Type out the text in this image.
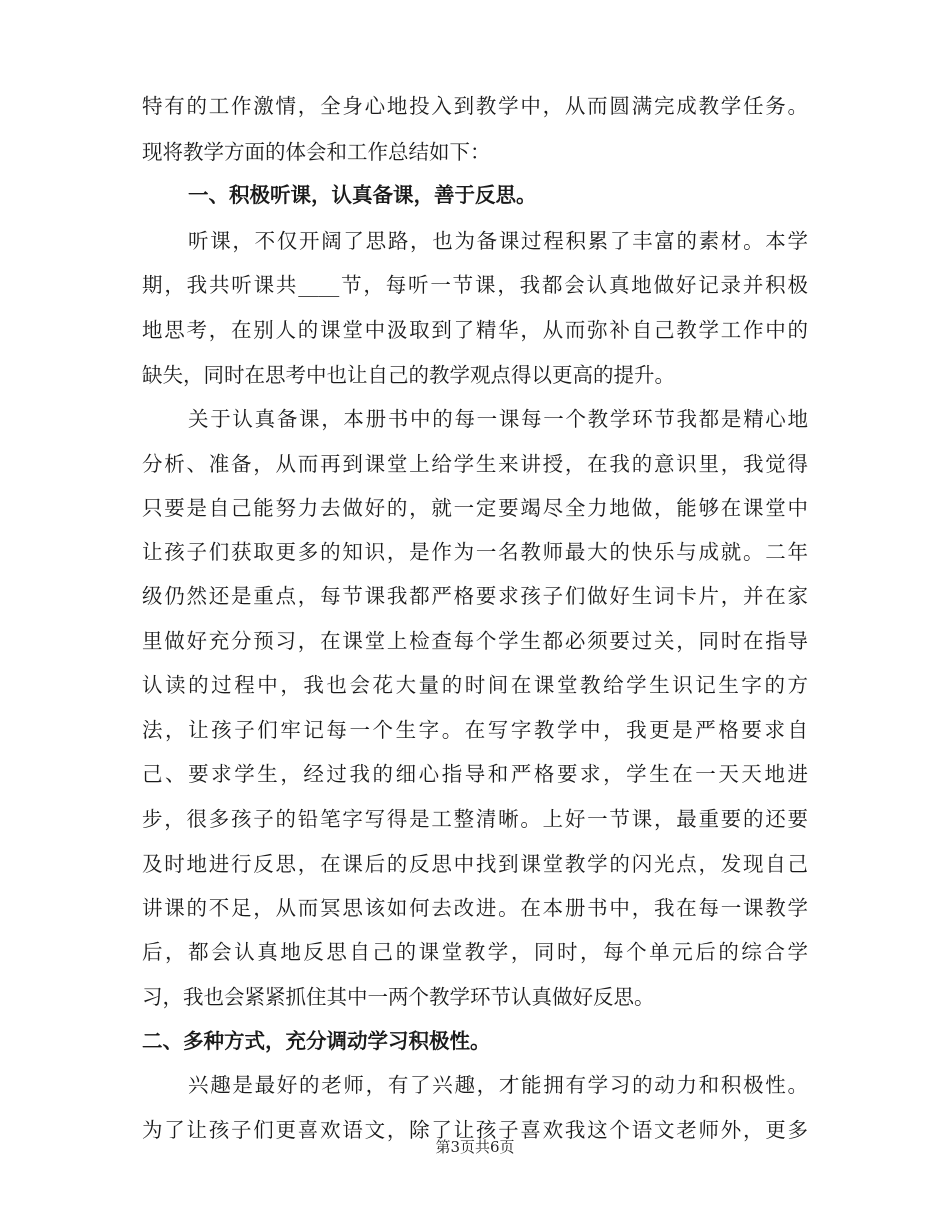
特有的工作激情，全身心地投入到教学中，从而圆满完成教学任务。
现将教学方面的体会和工作总结如下：
一、积极听课，认真备课，善于反思。
听课，不仅开阔了思路，也为备课过程积累了丰富的素材。本学
期，我共听课共____节，每听一节课，我都会认真地做好记录并积极
地思考，在别人的课堂中汲取到了精华，从而弥补自己教学工作中的
缺失，同时在思考中也让自己的教学观点得以更高的提升。
关于认真备课，本册书中的每一课每一个教学环节我都是精心地
分析、准备，从而再到课堂上给学生来讲授，在我的意识里，我觉得
只要是自己能努力去做好的，就一定要竭尽全力地做，能够在课堂中
让孩子们获取更多的知识，是作为一名教师最大的快乐与成就。二年
级仍然还是重点，每节课我都严格要求孩子们做好生词卡片，并在家
里做好充分预习，在课堂上检查每个学生都必须要过关，同时在指导
认读的过程中，我也会花大量的时间在课堂教给学生识记生字的方
法，让孩子们牢记每一个生字。在写字教学中，我更是严格要求自
己、要求学生，经过我的细心指导和严格要求，学生在一天天地进
步，很多孩子的铅笔字写得是工整清晰。上好一节课，最重要的还要
及时地进行反思，在课后的反思中找到课堂教学的闪光点，发现自己
讲课的不足，从而冥思该如何去改进。在本册书中，我在每一课教学
后，都会认真地反思自己的课堂教学，同时，每个单元后的综合学
习，我也会紧紧抓住其中一两个教学环节认真做好反思。
二、多种方式，充分调动学习积极性。
兴趣是最好的老师，有了兴趣，才能拥有学习的动力和积极性。
为了让孩子们更喜欢语文，除了让孩子喜欢我这个语文老师外，更多
第3页共6页
